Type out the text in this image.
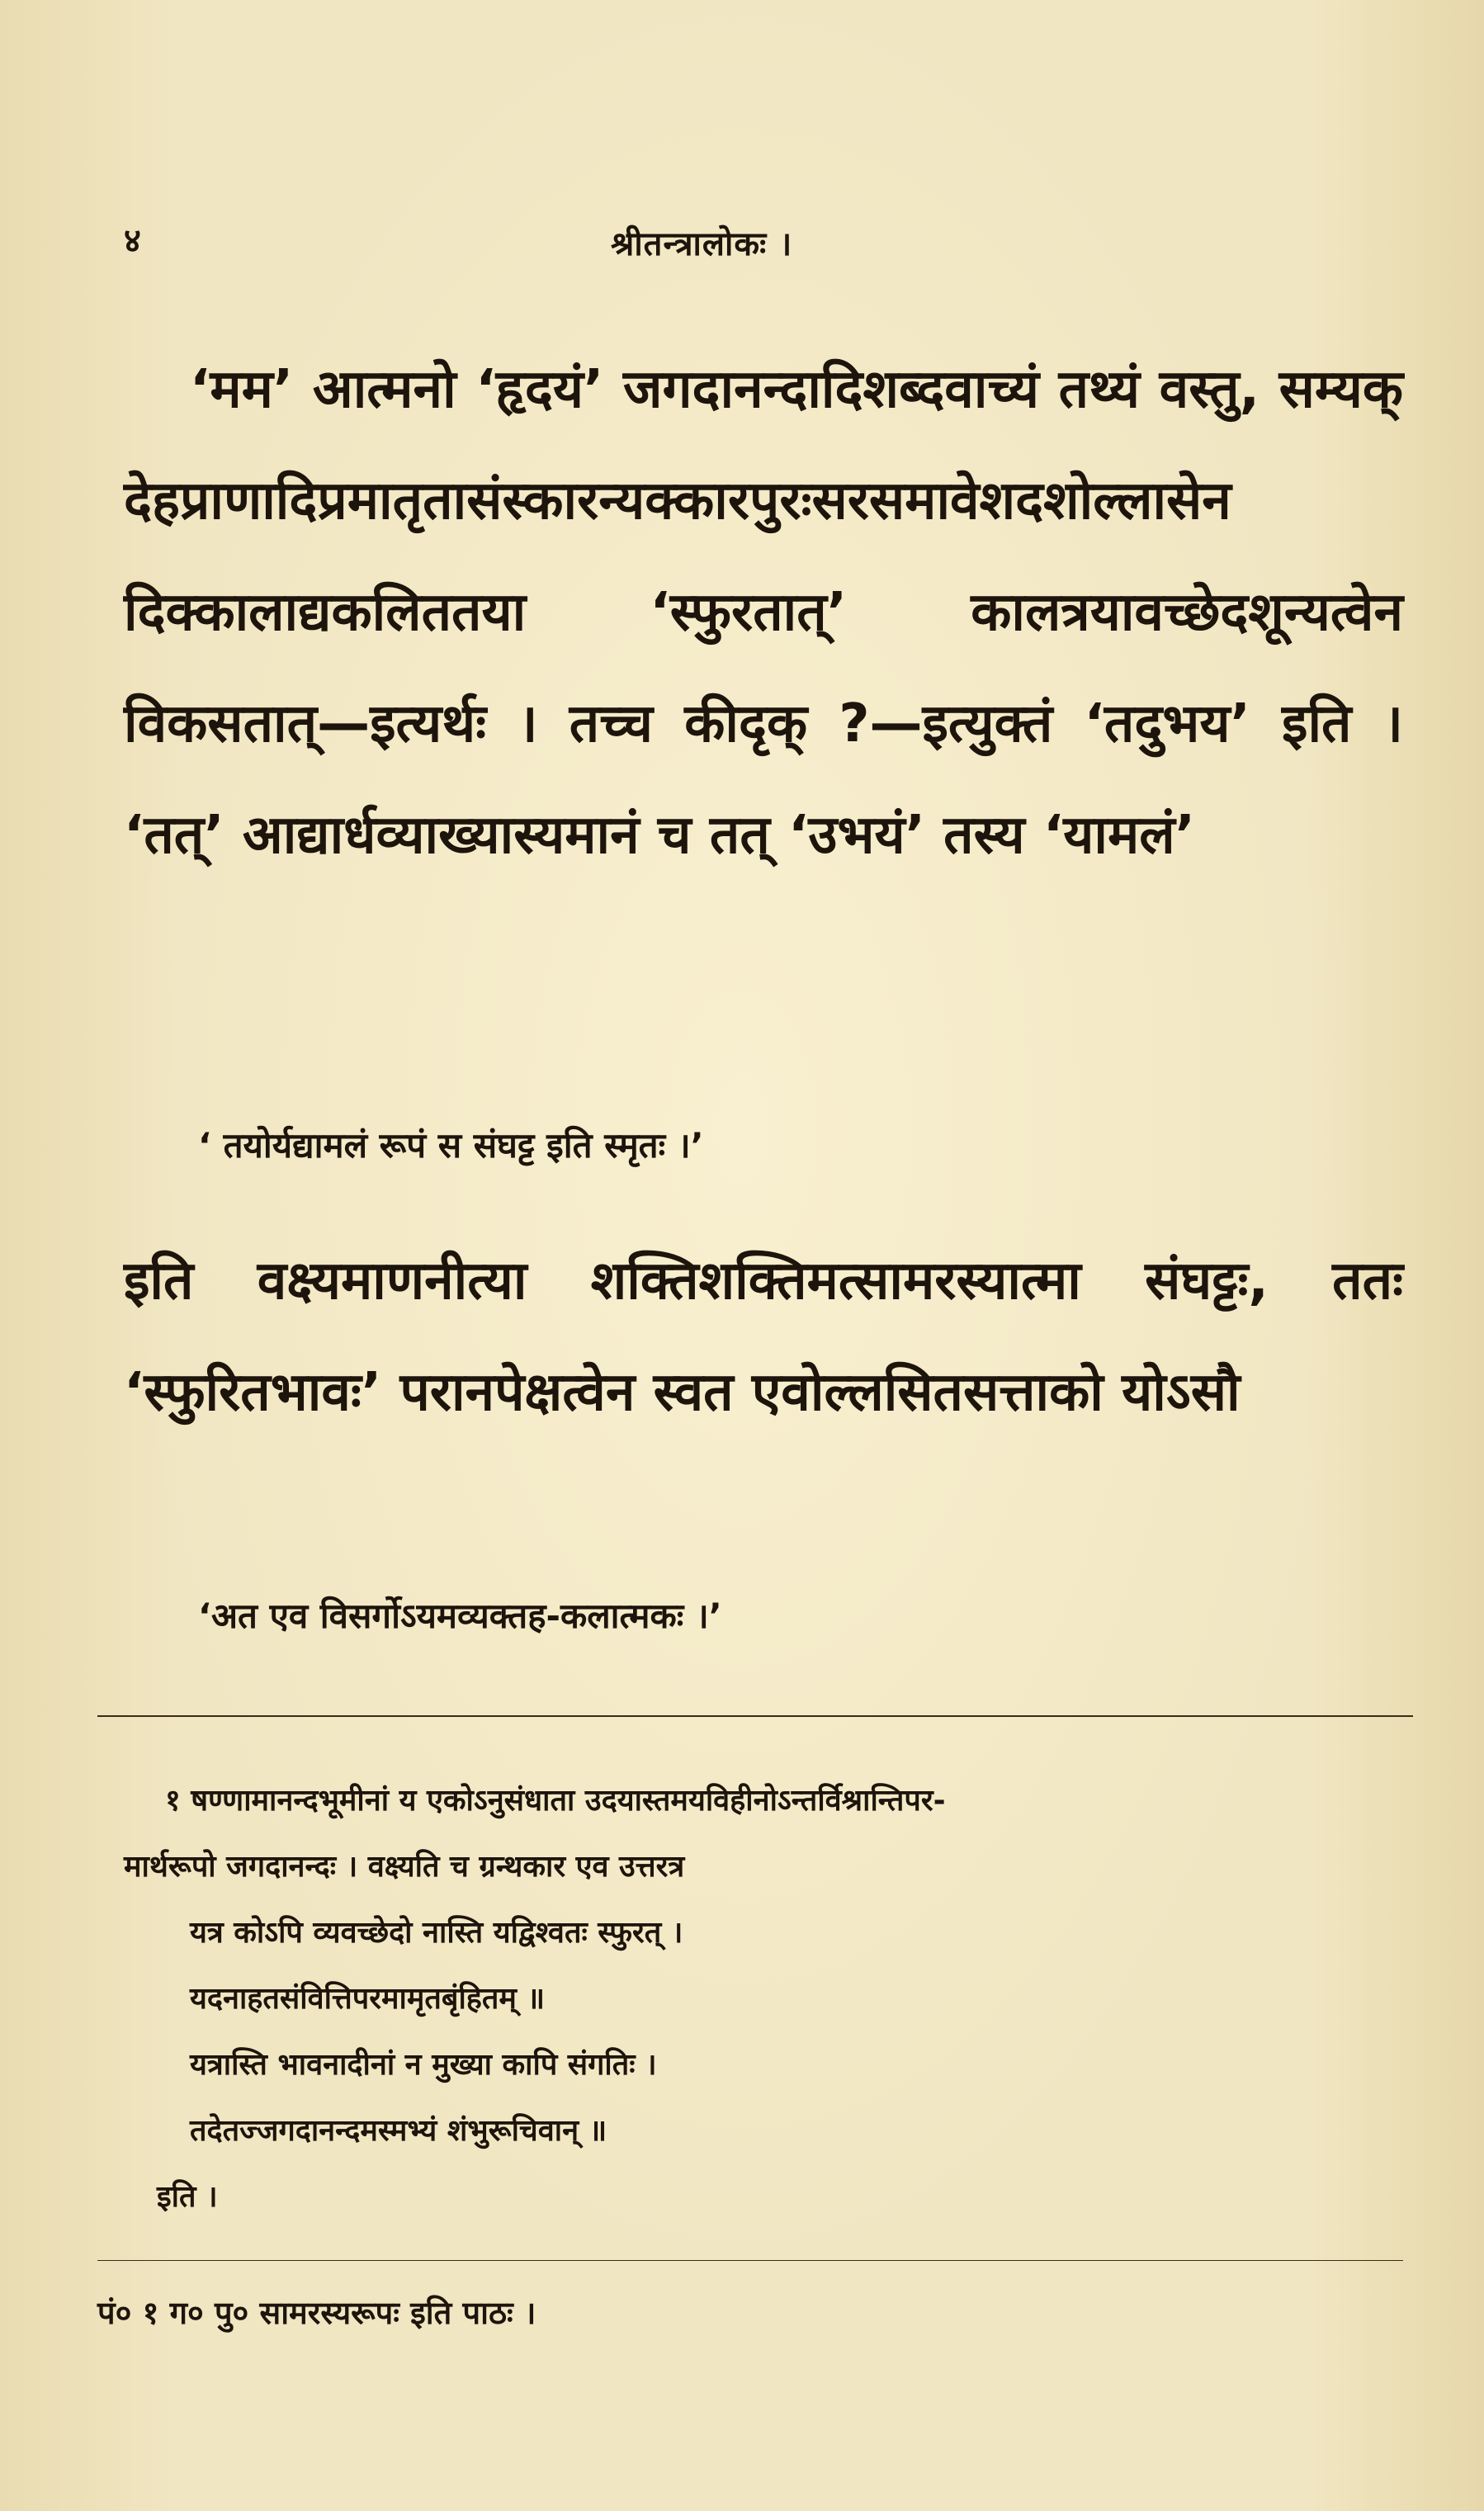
४	श्रीतन्त्रालोकः ।

‘मम’ आत्मनो ‘हृदयं’ जगदानन्दादिशब्दवाच्यं तथ्यं वस्तु, सम्यक् देहप्राणादिप्रमातृतासंस्कारन्यक्कारपुरःसरसमावेशदशोल्लासेन दिक्कालाद्यकलिततया ‘स्फुरतात्’ कालत्रयावच्छेदशून्यत्वेन विकसतात्—इत्यर्थः । तच्च कीदृक् ?—इत्युक्तं ‘तदुभय’ इति । ‘तत्’ आद्यार्धव्याख्यास्यमानं च तत् ‘उभयं’ तस्य ‘यामलं’

‘ तयोर्यद्यामलं रूपं स संघट्ट इति स्मृतः ।’

इति वक्ष्यमाणनीत्या शक्तिशक्तिमत्सामरस्यात्मा संघट्टः, ततः ‘स्फुरितभावः’ परानपेक्षत्वेन स्वत एवोल्लसितसत्ताको योऽसौ

‘अत एव विसर्गोऽयमव्यक्तह-कलात्मकः ।’

१ षण्णामानन्दभूमीनां य एकोऽनुसंधाता उदयास्तमयविहीनोऽन्तर्विश्रान्तिपर-

मार्थरूपो जगदानन्दः । वक्ष्यति च ग्रन्थकार एव उत्तरत्र

यत्र कोऽपि व्यवच्छेदो नास्ति यद्विश्वतः स्फुरत् ।

यदनाहतसंवित्तिपरमामृतबृंहितम् ॥

यत्रास्ति भावनादीनां न मुख्या कापि संगतिः ।

तदेतज्जगदानन्दमस्मभ्यं शंभुरूचिवान् ॥

इति ।

पं० १ ग० पु० सामरस्यरूपः इति पाठः ।
